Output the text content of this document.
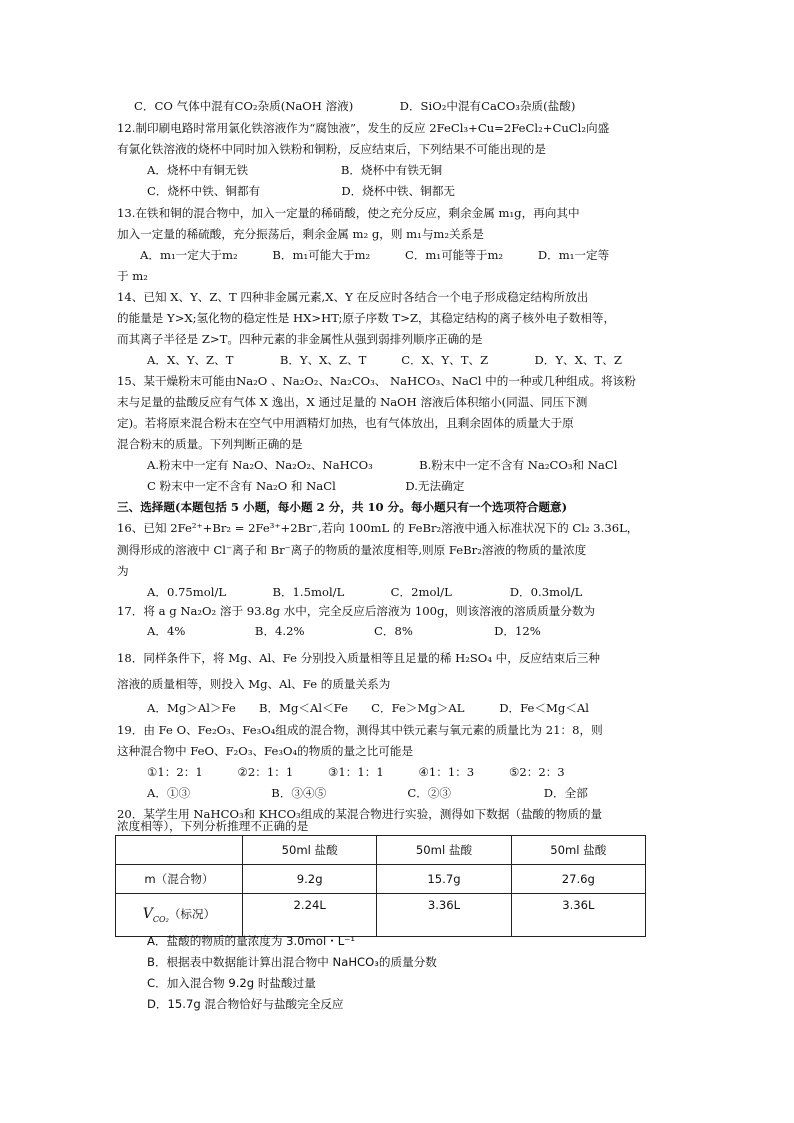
C．CO 气体中混有CO₂杂质(NaOH 溶液)　　　　D．SiO₂中混有CaCO₃杂质(盐酸)
12.制印刷电路时常用氯化铁溶液作为“腐蚀液”，发生的反应 2FeCl₃+Cu=2FeCl₂+CuCl₂向盛
有氯化铁溶液的烧杯中同时加入铁粉和铜粉，反应结束后，下列结果不可能出现的是
A．烧杯中有铜无铁　　　　　　　　B．烧杯中有铁无铜
C．烧杯中铁、铜都有　　　　　　　D．烧杯中铁、铜都无
13.在铁和铜的混合物中，加入一定量的稀硝酸，使之充分反应，剩余金属 m₁g，再向其中
加入一定量的稀硫酸，充分振荡后，剩余金属 m₂ g，则 m₁与m₂关系是
A．m₁一定大于m₂　　　B．m₁可能大于m₂　　　C．m₁可能等于m₂　　　D．m₁一定等
于 m₂
14、已知 X、Y、Z、T 四种非金属元素,X、Y 在反应时各结合一个电子形成稳定结构所放出
的能量是 Y>X;氢化物的稳定性是 HX>HT;原子序数 T>Z，其稳定结构的离子核外电子数相等，
而其离子半径是 Z>T。四种元素的非金属性从强到弱排列顺序正确的是
A．X、Y、Z、T　　　　B．Y、X、Z、T　　　C．X、Y、T、Z　　　　D．Y、X、T、Z
15、某干燥粉末可能由Na₂O 、Na₂O₂、Na₂CO₃、 NaHCO₃、NaCl 中的一种或几种组成。将该粉
末与足量的盐酸反应有气体 X 逸出，X 通过足量的 NaOH 溶液后体积缩小(同温、同压下测
定)。若将原来混合粉末在空气中用酒精灯加热，也有气体放出，且剩余固体的质量大于原
混合粉末的质量。下列判断正确的是
A.粉末中一定有 Na₂O、Na₂O₂、NaHCO₃　　　　B.粉末中一定不含有 Na₂CO₃和 NaCl
C 粉末中一定不含有 Na₂O 和 NaCl　　　　　　D.无法确定
三、选择题(本题包括 5 小题，每小题 2 分，共 10 分。每小题只有一个选项符合题意)
16、已知 2Fe²⁺+Br₂ = 2Fe³⁺+2Br⁻,若向 100mL 的 FeBr₂溶液中通入标准状况下的 Cl₂ 3.36L，
测得形成的溶液中 Cl⁻离子和 Br⁻离子的物质的量浓度相等,则原 FeBr₂溶液的物质的量浓度
为
A．0.75mol/L　　　　B．1.5mol/L　　　　C．2mol/L　　　　　D．0.3mol/L
17．将 a g Na₂O₂ 溶于 93.8g 水中，完全反应后溶液为 100g，则该溶液的溶质质量分数为
A．4%　　　　　　B．4.2%　　　　　　C．8%　　　　　　　D．12%
18．同样条件下，将 Mg、Al、Fe 分别投入质量相等且足量的稀 H₂SO₄ 中，反应结束后三种
溶液的质量相等，则投入 Mg、Al、Fe 的质量关系为
A．Mg＞Al＞Fe　　B．Mg＜Al＜Fe　　C．Fe＞Mg＞AL　　　D．Fe＜Mg＜Al
19．由 Fe O、Fe₂O₃、Fe₃O₄组成的混合物，测得其中铁元素与氧元素的质量比为 21：8，则
这种混合物中 FeO、F₂O₃、Fe₃O₄的物质的量之比可能是
①1：2：1　　　②2：1：1　　　③1：1：1　　　④1：1：3　　　⑤2：2：3
A．①③　　　　　　　B．③④⑤　　　　　　　C．②③　　　　　　　　D．全部
20．某学生用 NaHCO₃和 KHCO₃组成的某混合物进行实验，测得如下数据（盐酸的物质的量
浓度相等），下列分析推理不正确的是
	50ml 盐酸	50ml 盐酸	50ml 盐酸
m（混合物）	9.2g	15.7g	27.6g
$V_{CO_2}$（标况）	2.24L	3.36L	3.36L
A．盐酸的物质的量浓度为 3.0mol・L⁻¹
B．根据表中数据能计算出混合物中 NaHCO₃的质量分数
C．加入混合物 9.2g 时盐酸过量
D．15.7g 混合物恰好与盐酸完全反应
